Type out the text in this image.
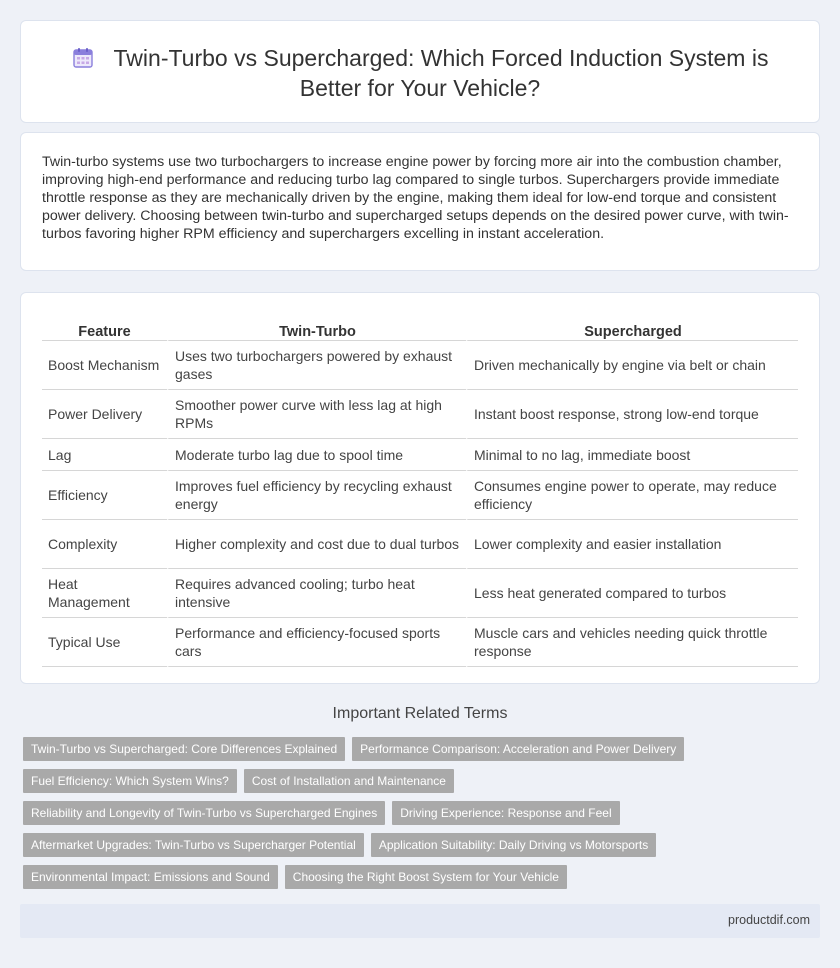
Twin-Turbo vs Supercharged: Which Forced Induction System is Better for Your Vehicle?

Twin-turbo systems use two turbochargers to increase engine power by forcing more air into the combustion chamber, improving high-end performance and reducing turbo lag compared to single turbos. Superchargers provide immediate throttle response as they are mechanically driven by the engine, making them ideal for low-end torque and consistent power delivery. Choosing between twin-turbo and supercharged setups depends on the desired power curve, with twin-turbos favoring higher RPM efficiency and superchargers excelling in instant acceleration.

Feature	Twin-Turbo	Supercharged
Boost Mechanism	Uses two turbochargers powered by exhaust gases	Driven mechanically by engine via belt or chain
Power Delivery	Smoother power curve with less lag at high RPMs	Instant boost response, strong low-end torque
Lag	Moderate turbo lag due to spool time	Minimal to no lag, immediate boost
Efficiency	Improves fuel efficiency by recycling exhaust energy	Consumes engine power to operate, may reduce efficiency
Complexity	Higher complexity and cost due to dual turbos	Lower complexity and easier installation
Heat Management	Requires advanced cooling; turbo heat intensive	Less heat generated compared to turbos
Typical Use	Performance and efficiency-focused sports cars	Muscle cars and vehicles needing quick throttle response
Important Related Terms
Twin-Turbo vs Supercharged: Core Differences Explained	Performance Comparison: Acceleration and Power Delivery
Fuel Efficiency: Which System Wins?	Cost of Installation and Maintenance
Reliability and Longevity of Twin-Turbo vs Supercharged Engines	Driving Experience: Response and Feel
Aftermarket Upgrades: Twin-Turbo vs Supercharger Potential	Application Suitability: Daily Driving vs Motorsports
Environmental Impact: Emissions and Sound	Choosing the Right Boost System for Your Vehicle
productdif.com
